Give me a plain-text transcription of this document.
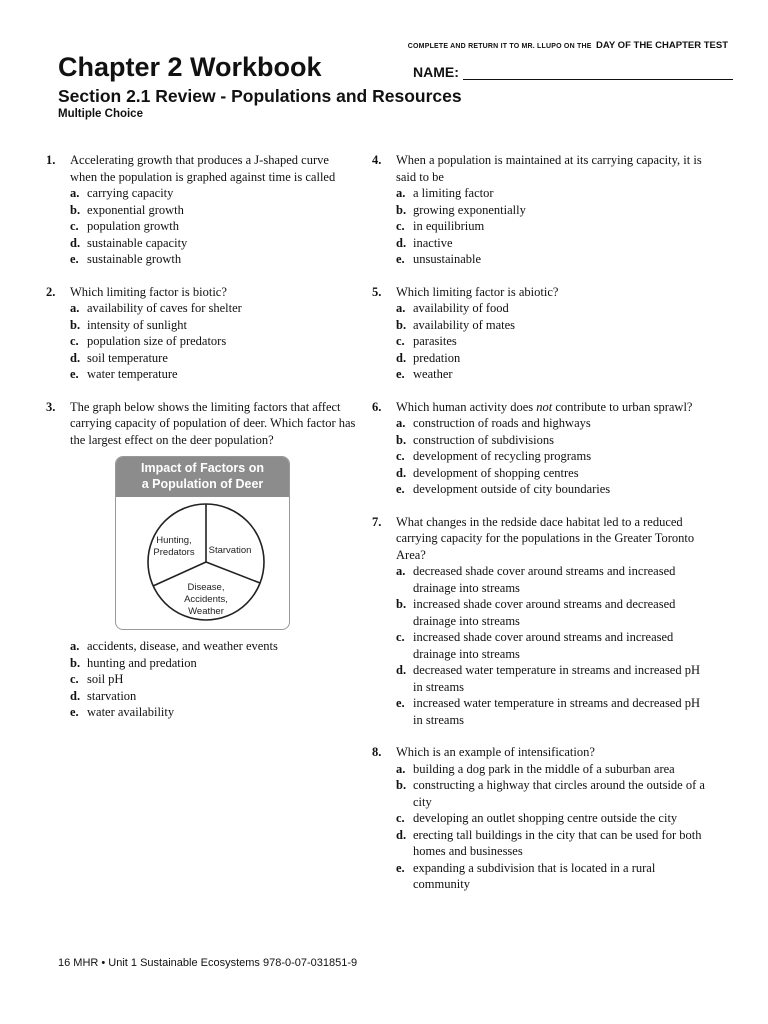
COMPLETE AND RETURN IT TO MR. LLUPO ON THE DAY OF THE CHAPTER TEST
Chapter 2 Workbook	NAME:
Section 2.1 Review - Populations and Resources
Multiple Choice
1. Accelerating growth that produces a J-shaped curve when the population is graphed against time is called
a. carrying capacity
b. exponential growth
c. population growth
d. sustainable capacity
e. sustainable growth
2. Which limiting factor is biotic?
a. availability of caves for shelter
b. intensity of sunlight
c. population size of predators
d. soil temperature
e. water temperature
3. The graph below shows the limiting factors that affect carrying capacity of population of deer. Which factor has the largest effect on the deer population?
Impact of Factors on
a Population of Deer
Hunting,
Predators Starvation
Disease,
Accidents,
Weather
a. accidents, disease, and weather events
b. hunting and predation
c. soil pH
d. starvation
e. water availability
4. When a population is maintained at its carrying capacity, it is said to be
a. a limiting factor
b. growing exponentially
c. in equilibrium
d. inactive
e. unsustainable
5. Which limiting factor is abiotic?
a. availability of food
b. availability of mates
c. parasites
d. predation
e. weather
6. Which human activity does not contribute to urban sprawl?
a. construction of roads and highways
b. construction of subdivisions
c. development of recycling programs
d. development of shopping centres
e. development outside of city boundaries
7. What changes in the redside dace habitat led to a reduced carrying capacity for the populations in the Greater Toronto Area?
a. decreased shade cover around streams and increased drainage into streams
b. increased shade cover around streams and decreased drainage into streams
c. increased shade cover around streams and increased drainage into streams
d. decreased water temperature in streams and increased pH in streams
e. increased water temperature in streams and decreased pH in streams
8. Which is an example of intensification?
a. building a dog park in the middle of a suburban area
b. constructing a highway that circles around the outside of a city
c. developing an outlet shopping centre outside the city
d. erecting tall buildings in the city that can be used for both homes and businesses
e. expanding a subdivision that is located in a rural community
16 MHR • Unit 1 Sustainable Ecosystems 978-0-07-031851-9
